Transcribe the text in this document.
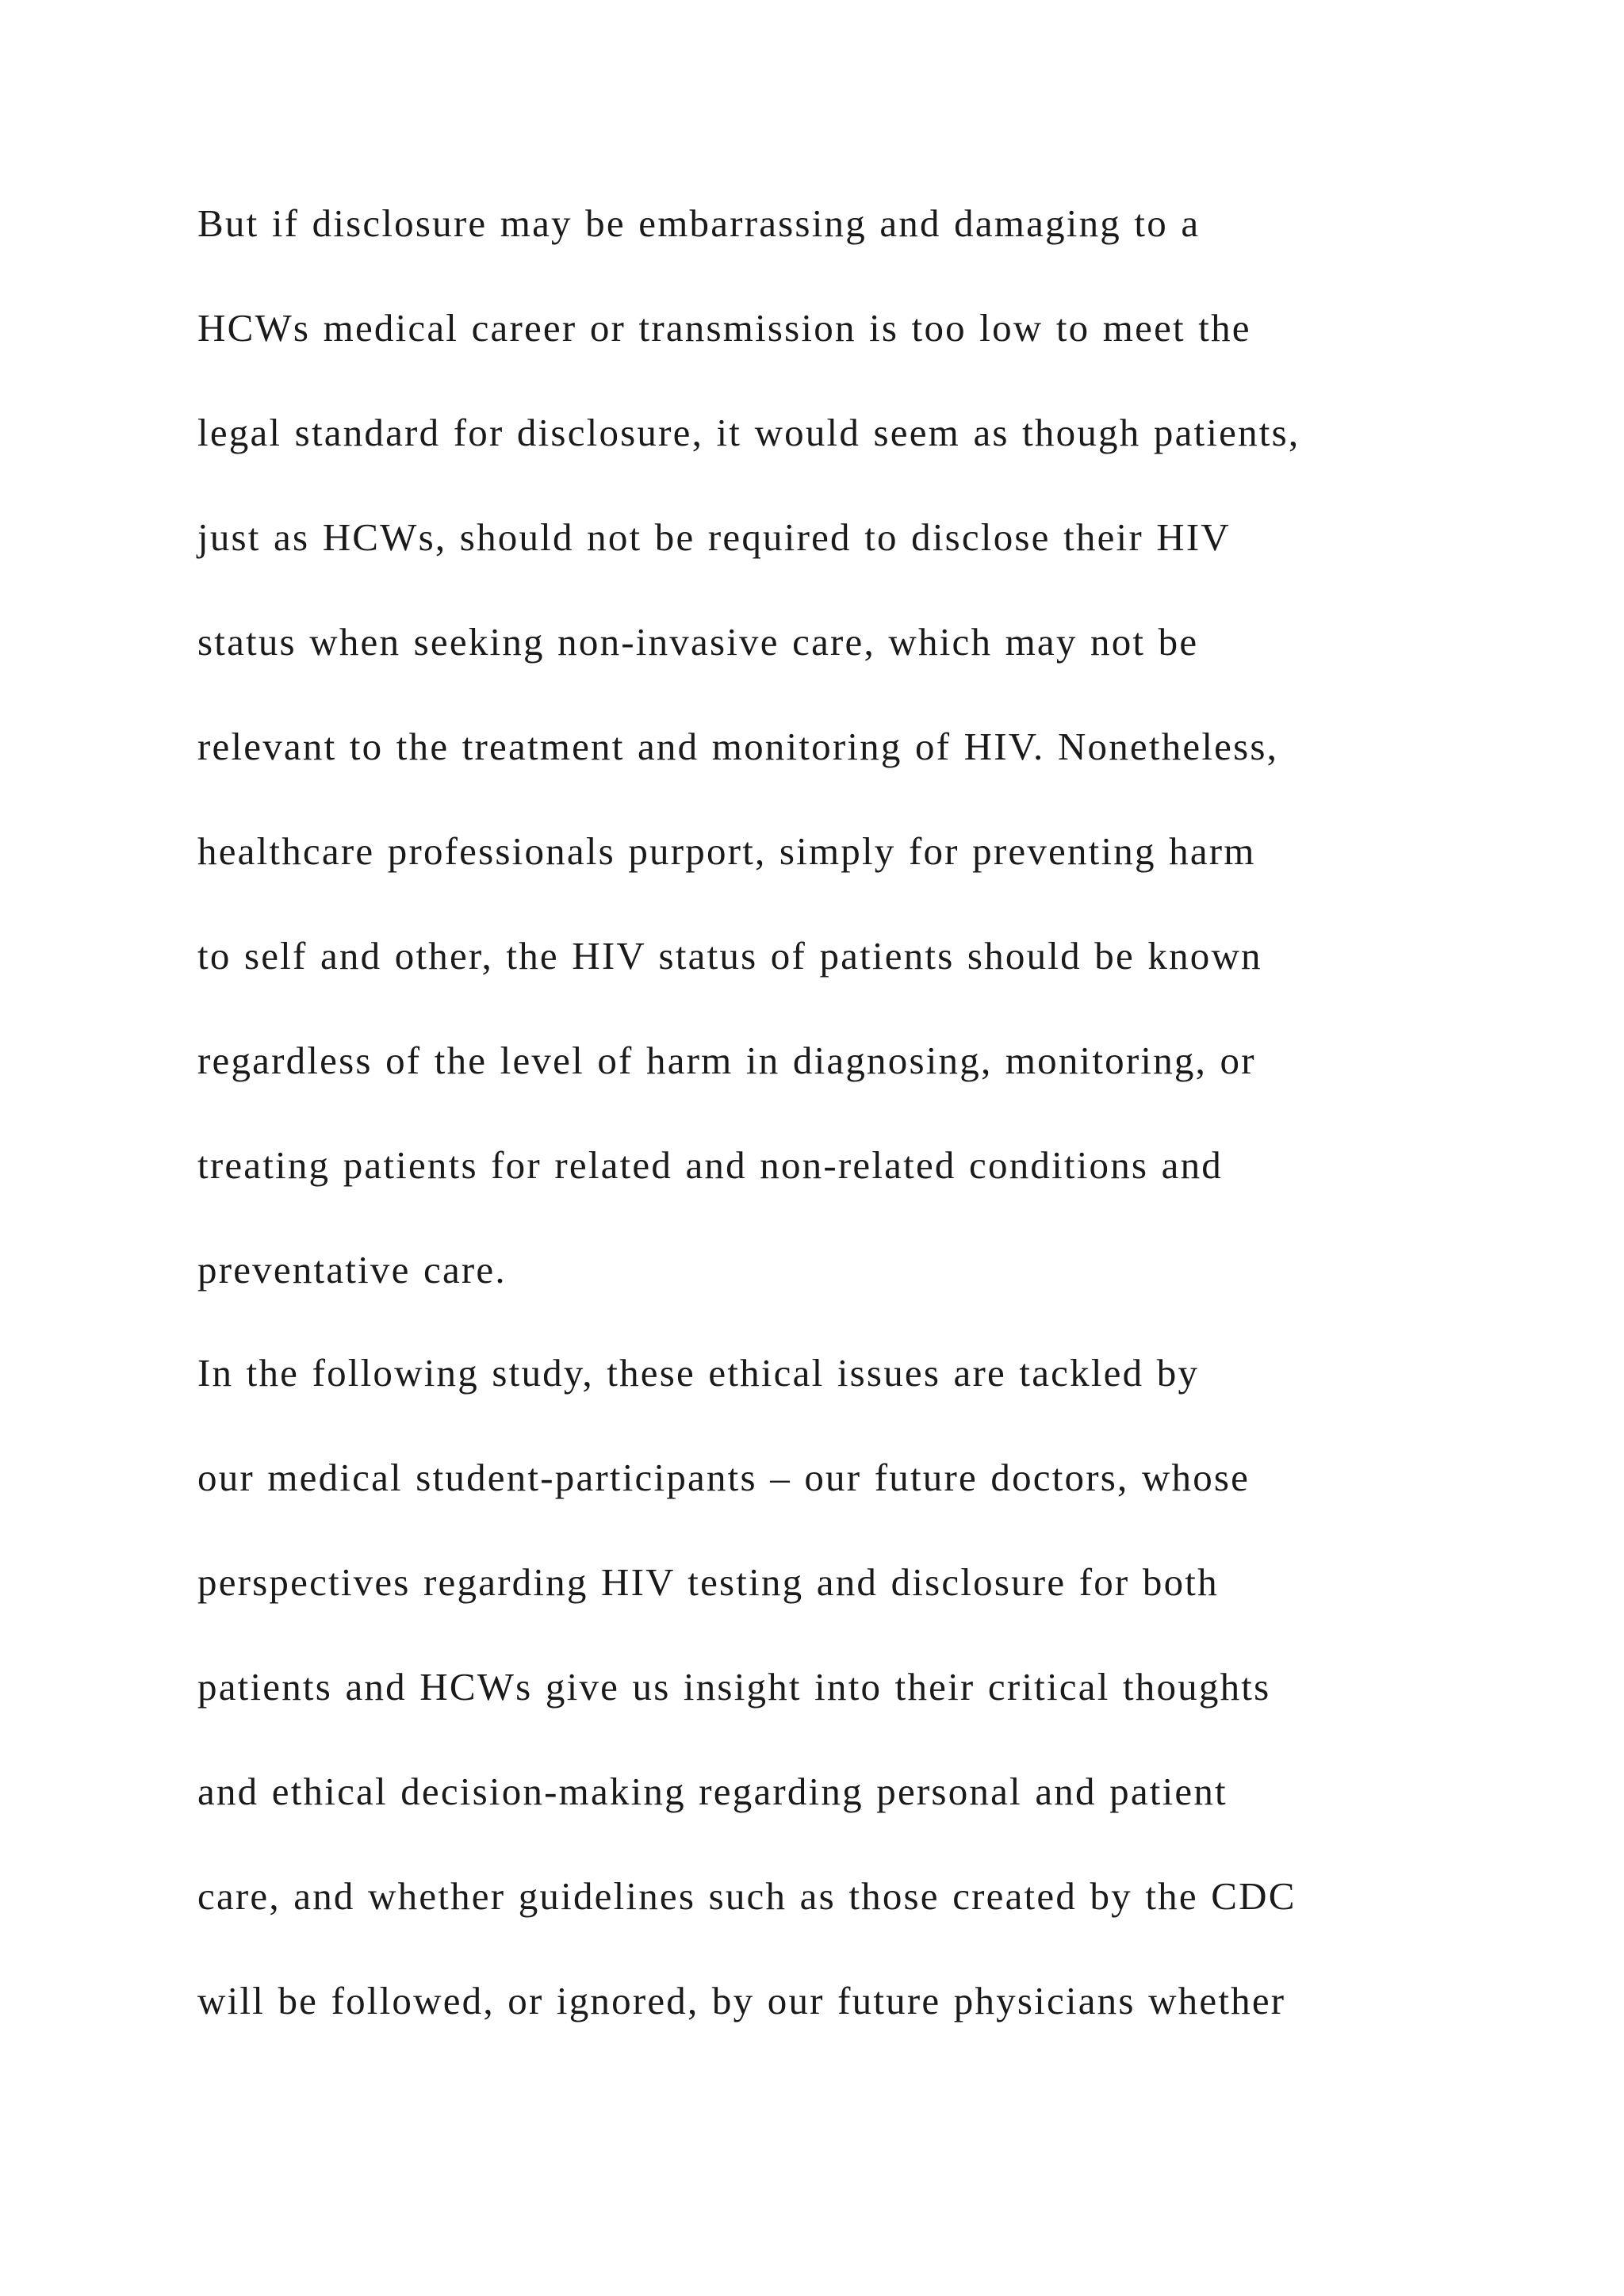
But if disclosure may be embarrassing and damaging to a

HCWs medical career or transmission is too low to meet the

legal standard for disclosure, it would seem as though patients,

just as HCWs, should not be required to disclose their HIV

status when seeking non-invasive care, which may not be

relevant to the treatment and monitoring of HIV. Nonetheless,

healthcare professionals purport, simply for preventing harm

to self and other, the HIV status of patients should be known

regardless of the level of harm in diagnosing, monitoring, or

treating patients for related and non-related conditions and

preventative care.

In the following study, these ethical issues are tackled by

our medical student-participants – our future doctors, whose

perspectives regarding HIV testing and disclosure for both

patients and HCWs give us insight into their critical thoughts

and ethical decision-making regarding personal and patient

care, and whether guidelines such as those created by the CDC

will be followed, or ignored, by our future physicians whether
